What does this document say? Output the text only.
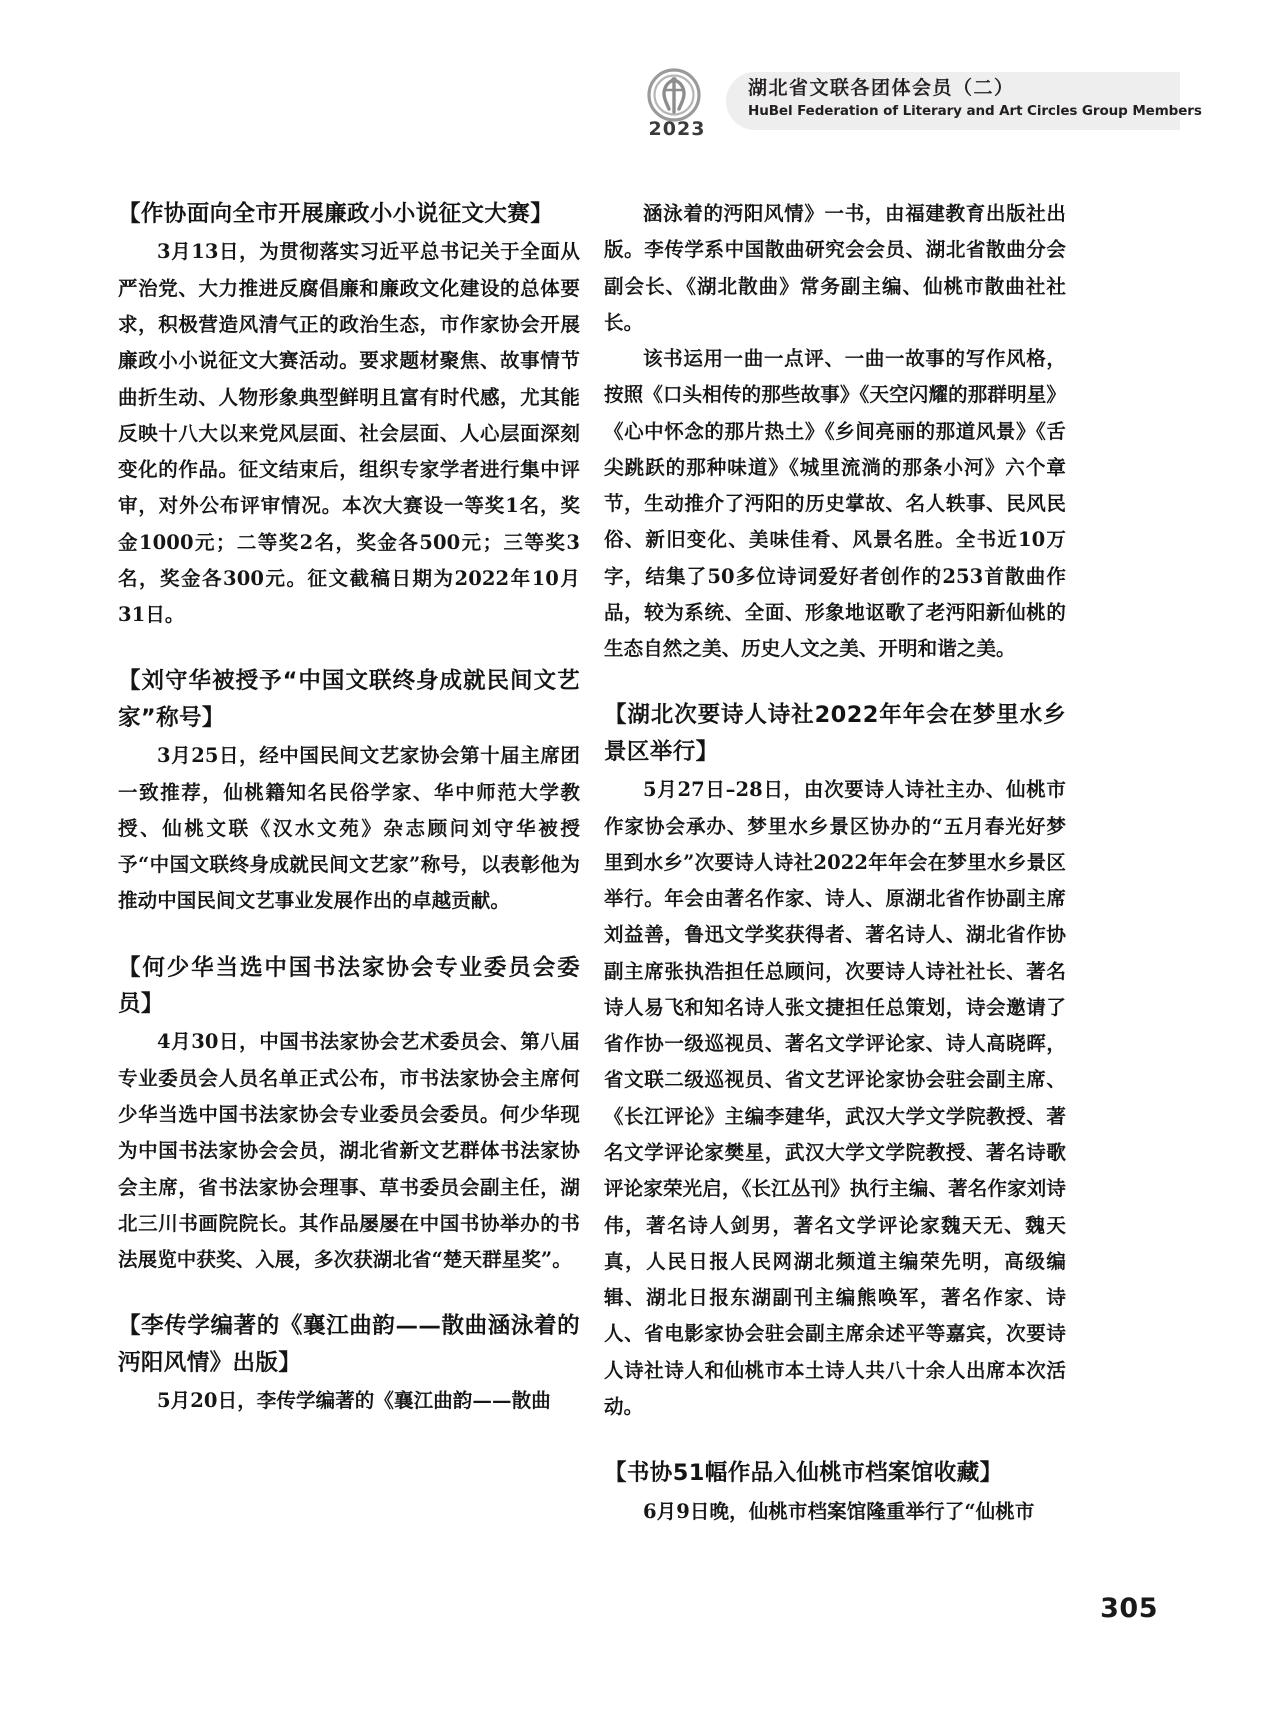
2023
湖北省文联各团体会员（二）
HuBel Federation of Literary and Art Circles Group Members
【作协面向全市开展廉政小小说征文大赛】

3月13日，为贯彻落实习近平总书记关于全面从严治党、大力推进反腐倡廉和廉政文化建设的总体要求，积极营造风清气正的政治生态，市作家协会开展廉政小小说征文大赛活动。要求题材聚焦、故事情节曲折生动、人物形象典型鲜明且富有时代感，尤其能反映十八大以来党风层面、社会层面、人心层面深刻变化的作品。征文结束后，组织专家学者进行集中评审，对外公布评审情况。本次大赛设一等奖1名，奖金1000元；二等奖2名，奖金各500元；三等奖3名，奖金各300元。征文截稿日期为2022年10月31日。

【刘守华被授予“中国文联终身成就民间文艺家”称号】

3月25日，经中国民间文艺家协会第十届主席团一致推荐，仙桃籍知名民俗学家、华中师范大学教授、仙桃文联《汉水文苑》杂志顾问刘守华被授予“中国文联终身成就民间文艺家”称号，以表彰他为推动中国民间文艺事业发展作出的卓越贡献。

【何少华当选中国书法家协会专业委员会委员】

4月30日，中国书法家协会艺术委员会、第八届专业委员会人员名单正式公布，市书法家协会主席何少华当选中国书法家协会专业委员会委员。何少华现为中国书法家协会会员，湖北省新文艺群体书法家协会主席，省书法家协会理事、草书委员会副主任，湖北三川书画院院长。其作品屡屡在中国书协举办的书法展览中获奖、入展，多次获湖北省“楚天群星奖”。

【李传学编著的《襄江曲韵——散曲涵泳着的沔阳风情》出版】

5月20日，李传学编著的《襄江曲韵——散曲

涵泳着的沔阳风情》一书，由福建教育出版社出版。李传学系中国散曲研究会会员、湖北省散曲分会副会长、《湖北散曲》常务副主编、仙桃市散曲社社长。

该书运用一曲一点评、一曲一故事的写作风格，按照《口头相传的那些故事》《天空闪耀的那群明星》《心中怀念的那片热土》《乡间亮丽的那道风景》《舌尖跳跃的那种味道》《城里流淌的那条小河》六个章节，生动推介了沔阳的历史掌故、名人轶事、民风民俗、新旧变化、美味佳肴、风景名胜。全书近10万字，结集了50多位诗词爱好者创作的253首散曲作品，较为系统、全面、形象地讴歌了老沔阳新仙桃的生态自然之美、历史人文之美、开明和谐之美。

【湖北次要诗人诗社2022年年会在梦里水乡景区举行】

5月27日–28日，由次要诗人诗社主办、仙桃市作家协会承办、梦里水乡景区协办的“五月春光好梦里到水乡”次要诗人诗社2022年年会在梦里水乡景区举行。年会由著名作家、诗人、原湖北省作协副主席刘益善，鲁迅文学奖获得者、著名诗人、湖北省作协副主席张执浩担任总顾问，次要诗人诗社社长、著名诗人易飞和知名诗人张文捷担任总策划，诗会邀请了省作协一级巡视员、著名文学评论家、诗人高晓晖，省文联二级巡视员、省文艺评论家协会驻会副主席、《长江评论》主编李建华，武汉大学文学院教授、著名文学评论家樊星，武汉大学文学院教授、著名诗歌评论家荣光启，《长江丛刊》执行主编、著名作家刘诗伟，著名诗人剑男，著名文学评论家魏天无、魏天真，人民日报人民网湖北频道主编荣先明，高级编辑、湖北日报东湖副刊主编熊唤军，著名作家、诗人、省电影家协会驻会副主席余述平等嘉宾，次要诗人诗社诗人和仙桃市本土诗人共八十余人出席本次活动。

【书协51幅作品入仙桃市档案馆收藏】

6月9日晚，仙桃市档案馆隆重举行了“仙桃市

305
